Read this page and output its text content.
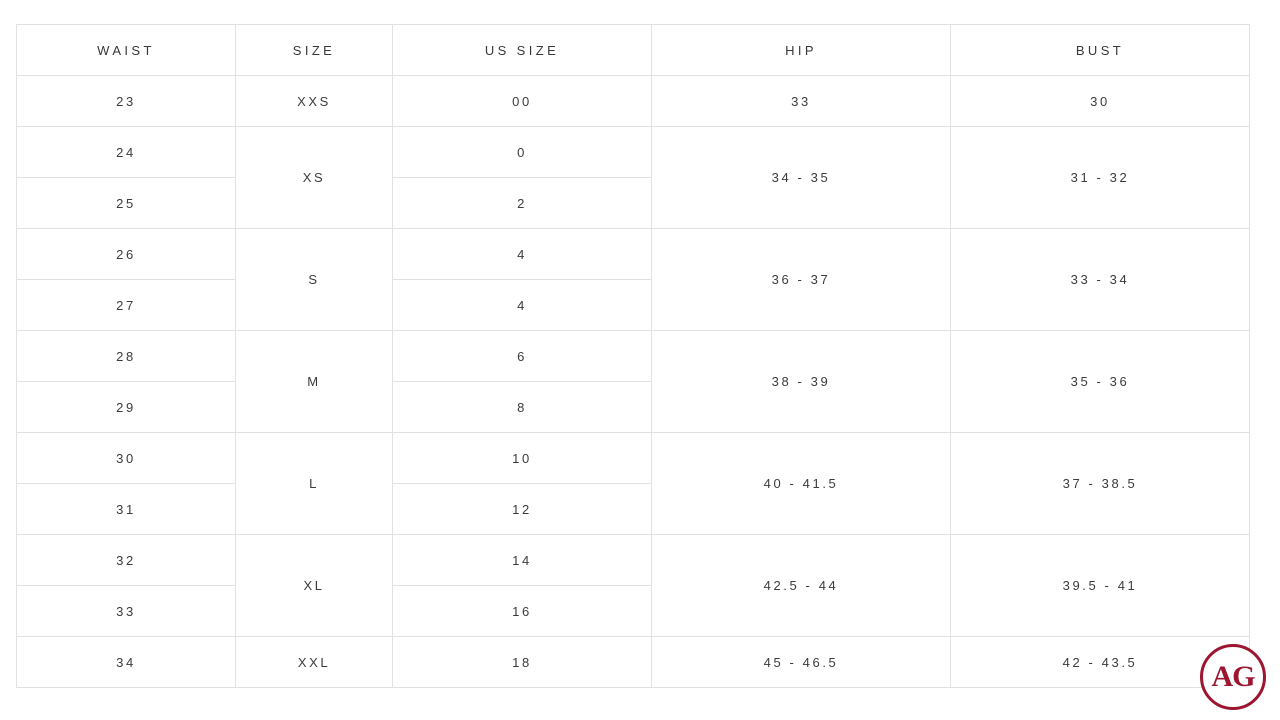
WAIST	SIZE	US SIZE	HIP	BUST
23	XXS	00	33	30
24	XS	0	34 - 35	31 - 32
25		2		
26	S	4	36 - 37	33 - 34
27		4		
28	M	6	38 - 39	35 - 36
29		8		
30	L	10	40 - 41.5	37 - 38.5
31		12		
32	XL	14	42.5 - 44	39.5 - 41
33		16		
34	XXL	18	45 - 46.5	42 - 43.5 AG
